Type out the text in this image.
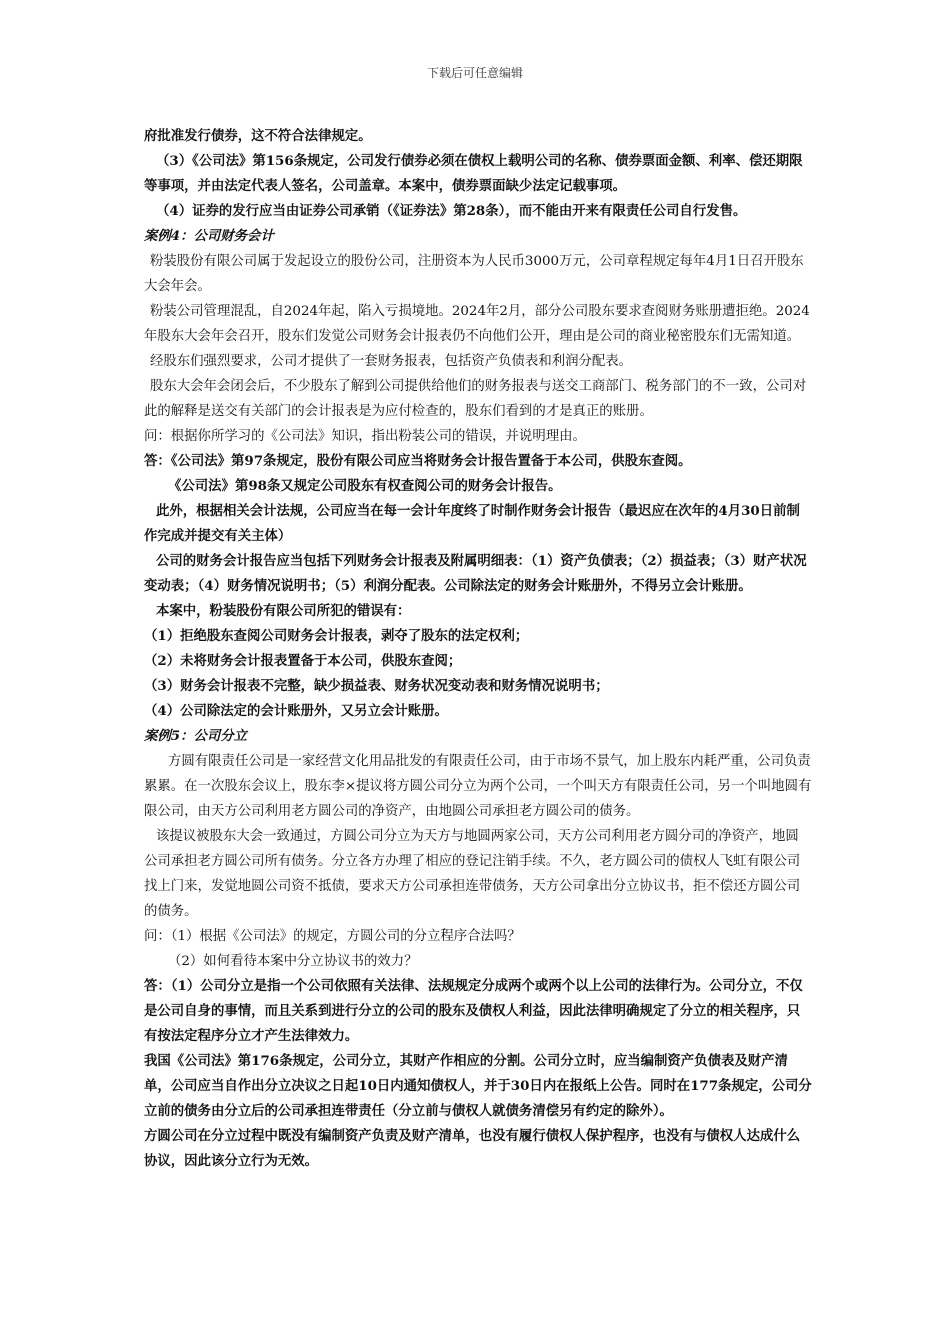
下载后可任意编辑

府批准发行债券，这不符合法律规定。

（3）《公司法》第156条规定，公司发行债券必须在债权上载明公司的名称、债券票面金额、利率、偿还期限等事项，并由法定代表人签名，公司盖章。本案中，债券票面缺少法定记载事项。

（4）证券的发行应当由证券公司承销（《证券法》第28条），而不能由开来有限责任公司自行发售。

案例4：公司财务会计

粉装股份有限公司属于发起设立的股份公司，注册资本为人民币3000万元，公司章程规定每年4月1日召开股东大会年会。

粉装公司管理混乱，自2024年起，陷入亏损境地。2024年2月，部分公司股东要求查阅财务账册遭拒绝。2024年股东大会年会召开，股东们发觉公司财务会计报表仍不向他们公开，理由是公司的商业秘密股东们无需知道。

经股东们强烈要求，公司才提供了一套财务报表，包括资产负债表和利润分配表。

股东大会年会闭会后，不少股东了解到公司提供给他们的财务报表与送交工商部门、税务部门的不一致，公司对此的解释是送交有关部门的会计报表是为应付检查的，股东们看到的才是真正的账册。

问：根据你所学习的《公司法》知识，指出粉装公司的错误，并说明理由。

答：《公司法》第97条规定，股份有限公司应当将财务会计报告置备于本公司，供股东查阅。

《公司法》第98条又规定公司股东有权查阅公司的财务会计报告。

此外，根据相关会计法规，公司应当在每一会计年度终了时制作财务会计报告（最迟应在次年的4月30日前制作完成并提交有关主体）

公司的财务会计报告应当包括下列财务会计报表及附属明细表：（1）资产负债表；（2）损益表；（3）财产状况变动表；（4）财务情况说明书；（5）利润分配表。公司除法定的财务会计账册外，不得另立会计账册。

本案中，粉装股份有限公司所犯的错误有：

（1）拒绝股东查阅公司财务会计报表，剥夺了股东的法定权利；

（2）未将财务会计报表置备于本公司，供股东查阅；

（3）财务会计报表不完整，缺少损益表、财务状况变动表和财务情况说明书；

（4）公司除法定的会计账册外，又另立会计账册。

案例5：公司分立

方圆有限责任公司是一家经营文化用品批发的有限责任公司，由于市场不景气，加上股东内耗严重，公司负责累累。在一次股东会议上，股东李×提议将方圆公司分立为两个公司，一个叫天方有限责任公司，另一个叫地圆有限公司，由天方公司利用老方圆公司的净资产，由地圆公司承担老方圆公司的债务。

该提议被股东大会一致通过，方圆公司分立为天方与地圆两家公司，天方公司利用老方圆分司的净资产，地圆公司承担老方圆公司所有债务。分立各方办理了相应的登记注销手续。不久，老方圆公司的债权人飞虹有限公司找上门来，发觉地圆公司资不抵债，要求天方公司承担连带债务，天方公司拿出分立协议书，拒不偿还方圆公司的债务。

问：（1）根据《公司法》的规定，方圆公司的分立程序合法吗？

（2）如何看待本案中分立协议书的效力？

答：（1）公司分立是指一个公司依照有关法律、法规规定分成两个或两个以上公司的法律行为。公司分立，不仅是公司自身的事情，而且关系到进行分立的公司的股东及债权人利益，因此法律明确规定了分立的相关程序，只有按法定程序分立才产生法律效力。

我国《公司法》第176条规定，公司分立，其财产作相应的分割。公司分立时，应当编制资产负债表及财产清单，公司应当自作出分立决议之日起10日内通知债权人，并于30日内在报纸上公告。同时在177条规定，公司分立前的债务由分立后的公司承担连带责任（分立前与债权人就债务清偿另有约定的除外）。

方圆公司在分立过程中既没有编制资产负责及财产清单，也没有履行债权人保护程序，也没有与债权人达成什么协议，因此该分立行为无效。
